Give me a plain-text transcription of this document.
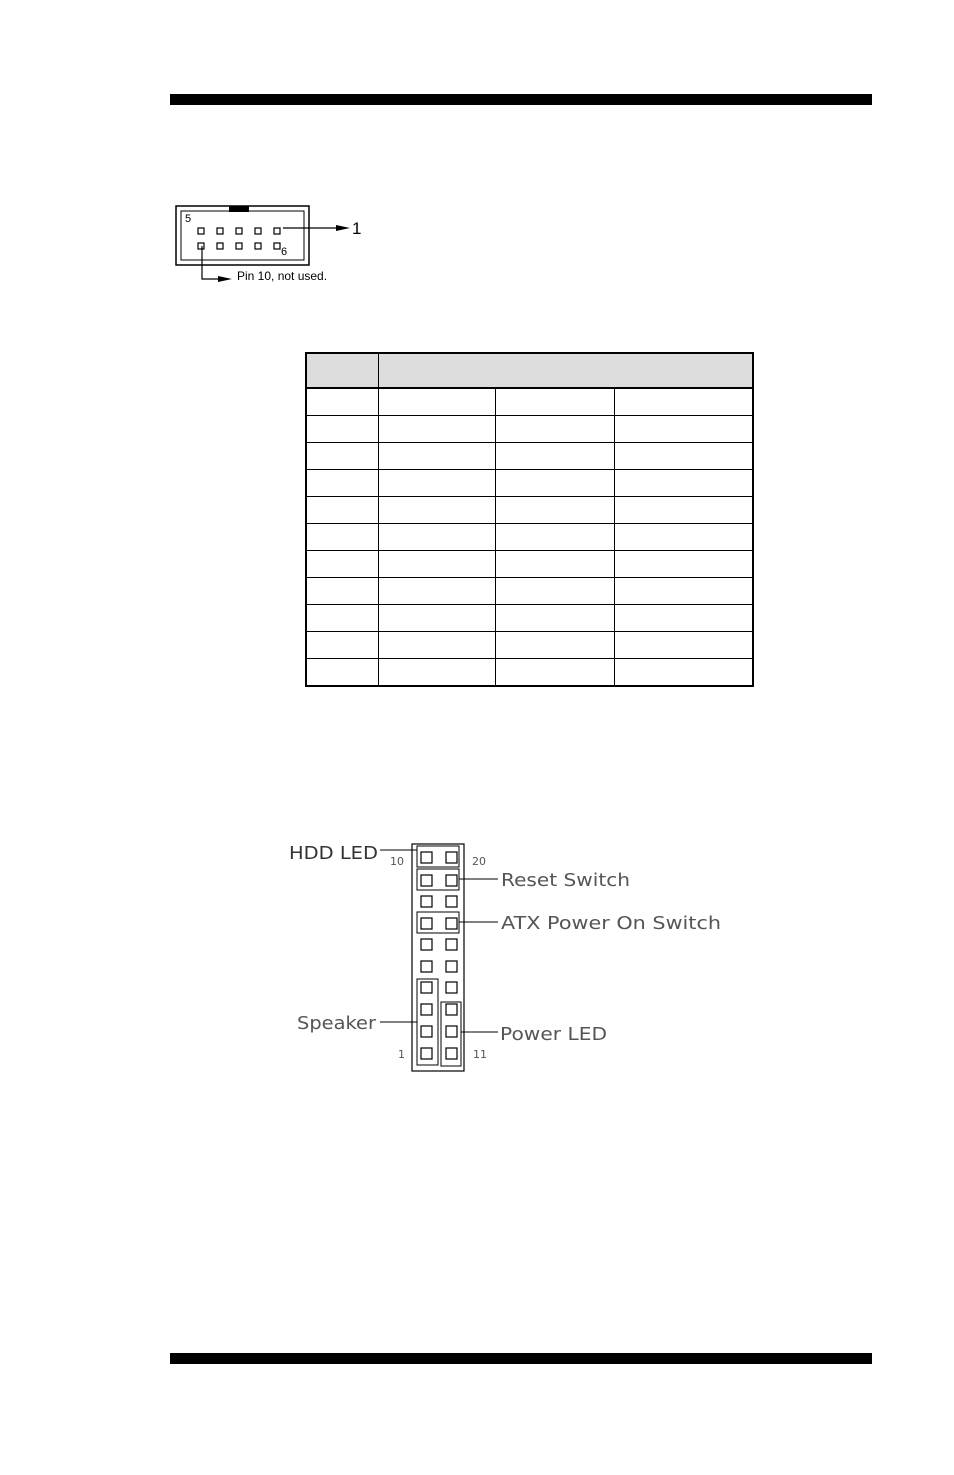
5
6
1
Pin 10, not used.

HDD LED 10	20
Reset Switch
ATX Power On Switch
Speaker
Power LED
1	11
